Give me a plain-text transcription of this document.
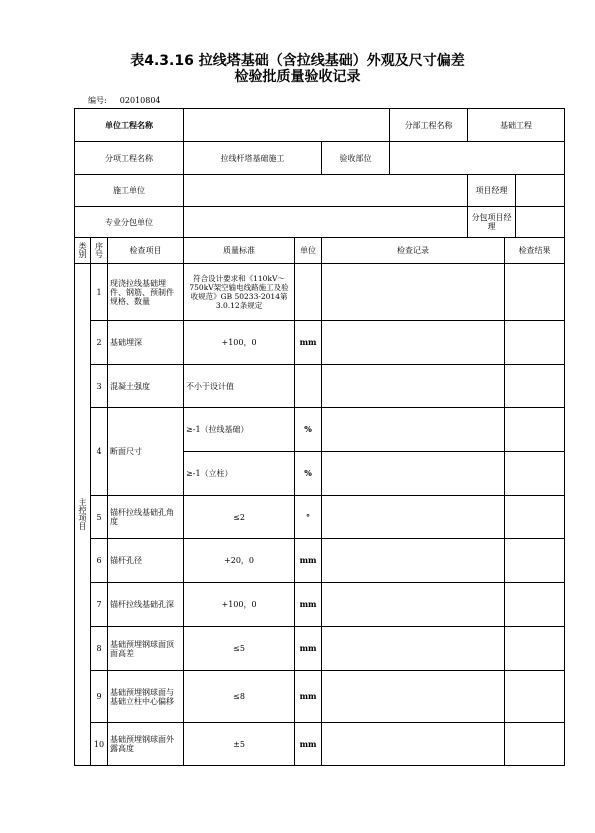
表4.3.16 拉线塔基础（含拉线基础）外观及尺寸偏差
检验批质量验收记录
编号: 02010804
单位工程名称						分部工程名称	基础工程		
分项工程名称			拉线杆塔基础施工		验收部位				
施工单位							项目经理		
专业分包单位							分包项目经理		
类别	序号	检查项目	质量标准	单位	检查记录			检查结果	
主控项目	1	现浇拉线基础埋件、钢筋、预制件规格、数量	符合设计要求和《110kV～750kV架空输电线路施工及验收规范》GB 50233-2014第3.0.12条规定						
	2	基础埋深	+100，0	mm					
	3	混凝土强度	不小于设计值						
	4	断面尺寸	≥-1（拉线基础）	%					
			≥-1（立柱）	%					
	5	锚杆拉线基础孔角度	≤2	°					
	6	锚杆孔径	+20，0	mm					
	7	锚杆拉线基础孔深	+100，0	mm					
	8	基础预埋钢球面顶面高差	≤5	mm					
	9	基础预埋钢球面与基础立柱中心偏移	≤8	mm					
	10	基础预埋钢球面外露高度	±5	mm					
